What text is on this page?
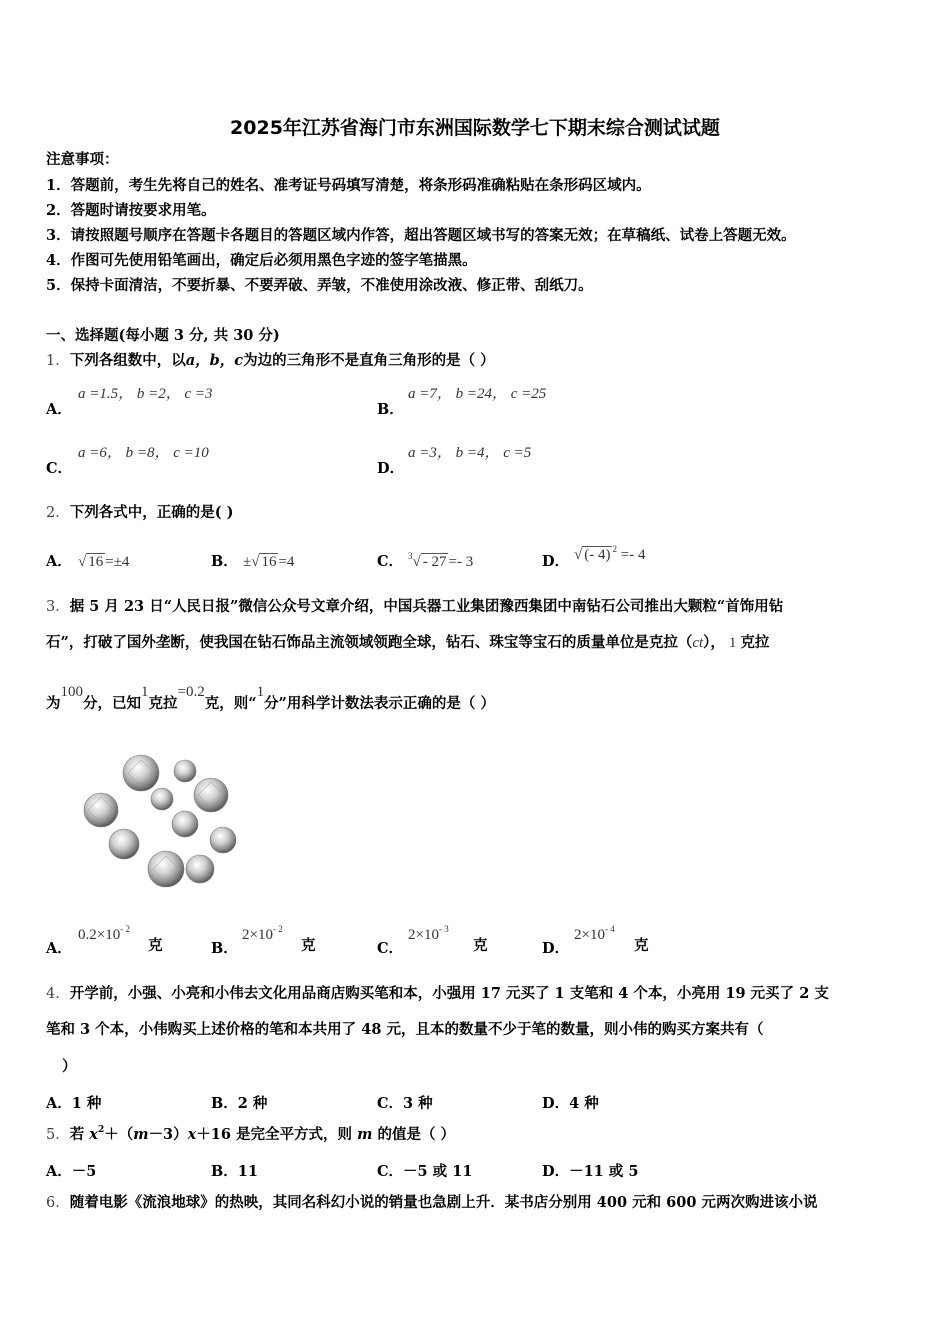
2025年江苏省海门市东洲国际数学七下期末综合测试试题
注意事项：
1．答题前，考生先将自己的姓名、准考证号码填写清楚，将条形码准确粘贴在条形码区域内。
2．答题时请按要求用笔。
3．请按照题号顺序在答题卡各题目的答题区域内作答，超出答题区域书写的答案无效；在草稿纸、试卷上答题无效。
4．作图可先使用铅笔画出，确定后必须用黑色字迹的签字笔描黑。
5．保持卡面清洁，不要折暴、不要弄破、弄皱，不准使用涂改液、修正带、刮纸刀。
一、选择题(每小题 3 分, 共 30 分)
1．下列各组数中，以a，b，c为边的三角形不是直角三角形的是（ ）
A．
a =1.5， b =2， c =3
B．
a =7， b =24， c =25
C．
a =6， b =8， c =10
D．
a =3， b =4， c =5
2．下列各式中，正确的是( )
A． √ 16 =±4	B． ±√ 16 =4	C． $^3$√ - 27 =- 3	D． √ (- 4) $^2$ =- 4
3．据 5 月 23 日“人民日报”微信公众号文章介绍，中国兵器工业集团豫西集团中南钻石公司推出大颗粒“首饰用钻
石”，打破了国外垄断，使我国在钻石饰品主流领域领跑全球，钻石、珠宝等宝石的质量单位是克拉（ct）， 1 克拉
为100分，已知1克拉=0.2克，则“1分”用科学计数法表示正确的是（ ）
A．
$0.2\times 10^{- 2}$
克	B．
$2\times 10^{- 2}$
克	C．
$2\times 10^{- 3}$
克	D．
$2\times 10^{- 4}$
克
4．开学前，小强、小亮和小伟去文化用品商店购买笔和本，小强用 17 元买了 1 支笔和 4 个本，小亮用 19 元买了 2 支
笔和 3 个本，小伟购买上述价格的笔和本共用了 48 元，且本的数量不少于笔的数量，则小伟的购买方案共有（
）
A．1 种	B．2 种	C．3 种	D．4 种
5．若 $x^2+(m-3)x+16$ 是完全平方式，则 m 的值是（ ）
A．－5	B．11	C．－5 或 11	D．－11 或 5
6．随着电影《流浪地球》的热映，其同名科幻小说的销量也急剧上升．某书店分别用 400 元和 600 元两次购进该小说
